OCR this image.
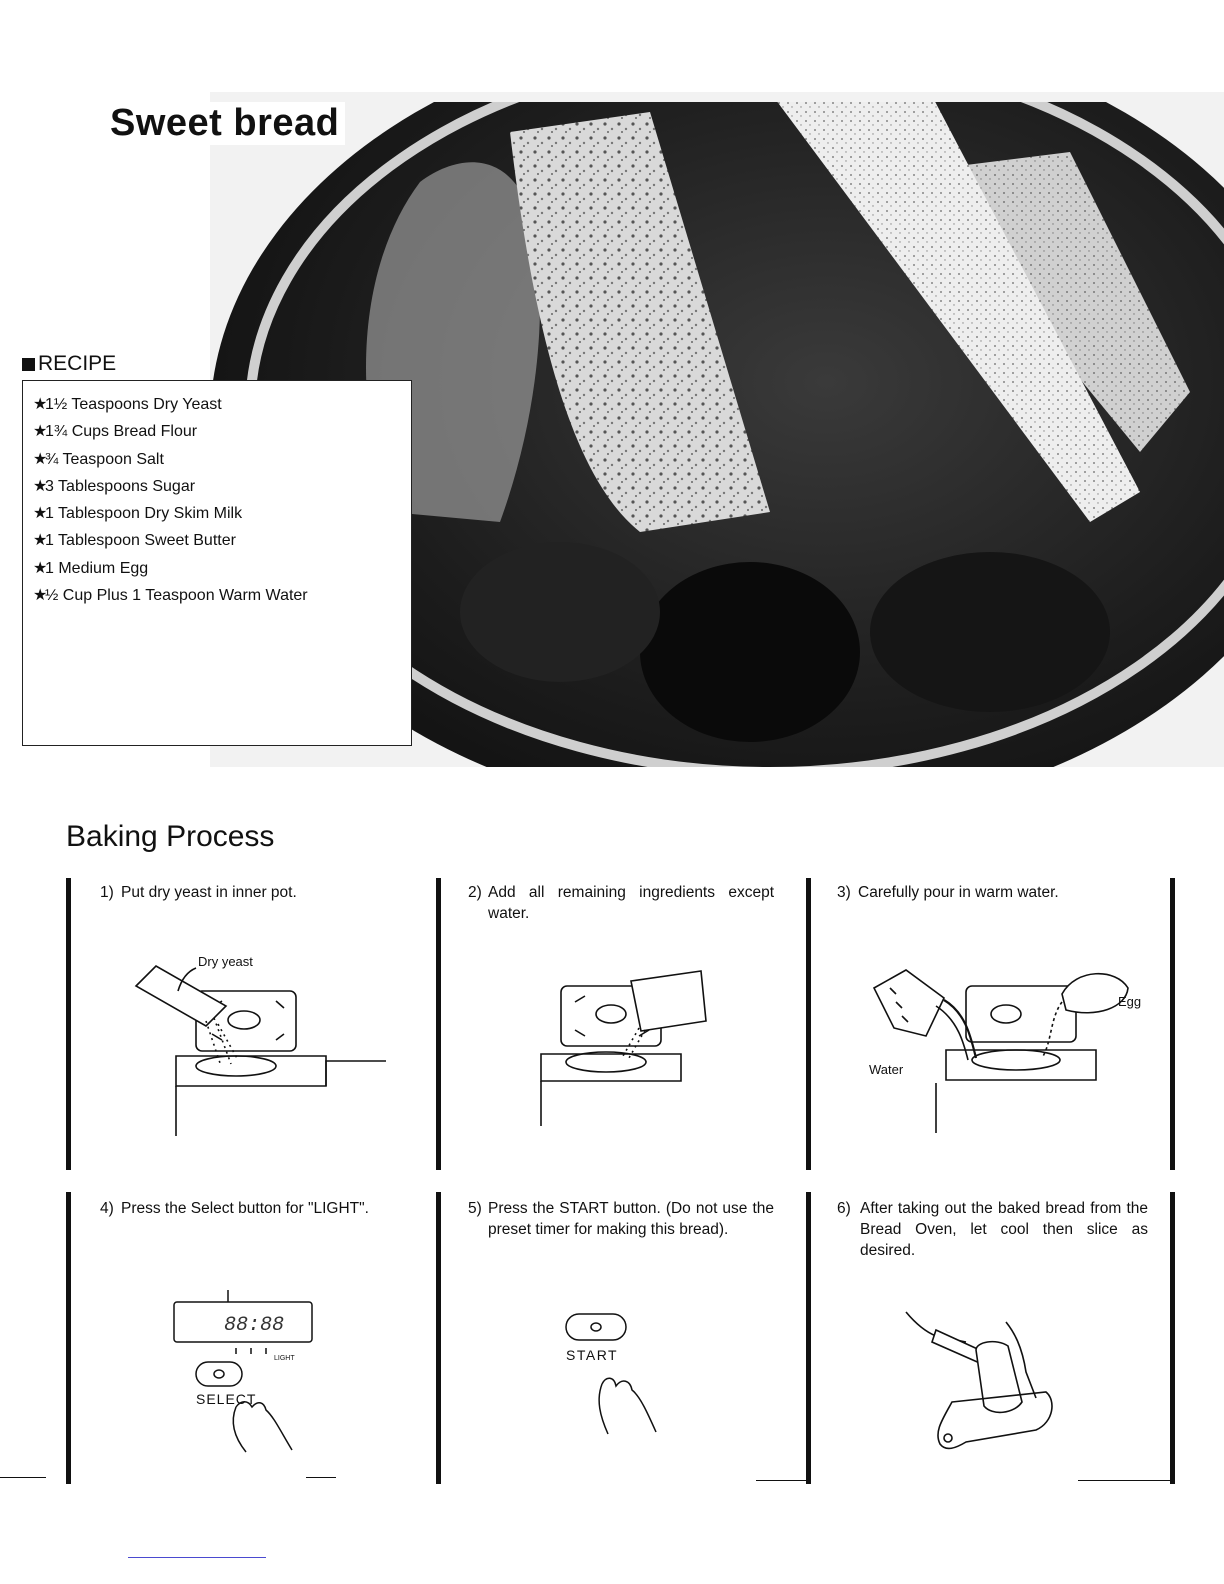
Sweet bread
RECIPE
★1½ Teaspoons Dry Yeast
★1¾ Cups Bread Flour
★¾ Teaspoon Salt
★3 Tablespoons Sugar
★1 Tablespoon Dry Skim Milk
★1 Tablespoon Sweet Butter
★1 Medium Egg
★½ Cup Plus 1 Teaspoon Warm Water
Baking Process
1) Put dry yeast in inner pot.
Dry yeast
2) Add all remaining ingredients except water.
3) Carefully pour in warm water.
Egg
Water
4) Press the Select button for "LIGHT".
88:88
LIGHT
SELECT
5) Press the START button. (Do not use the preset timer for making this bread).
START
6) After taking out the baked bread from the Bread Oven, let cool then slice as desired.
